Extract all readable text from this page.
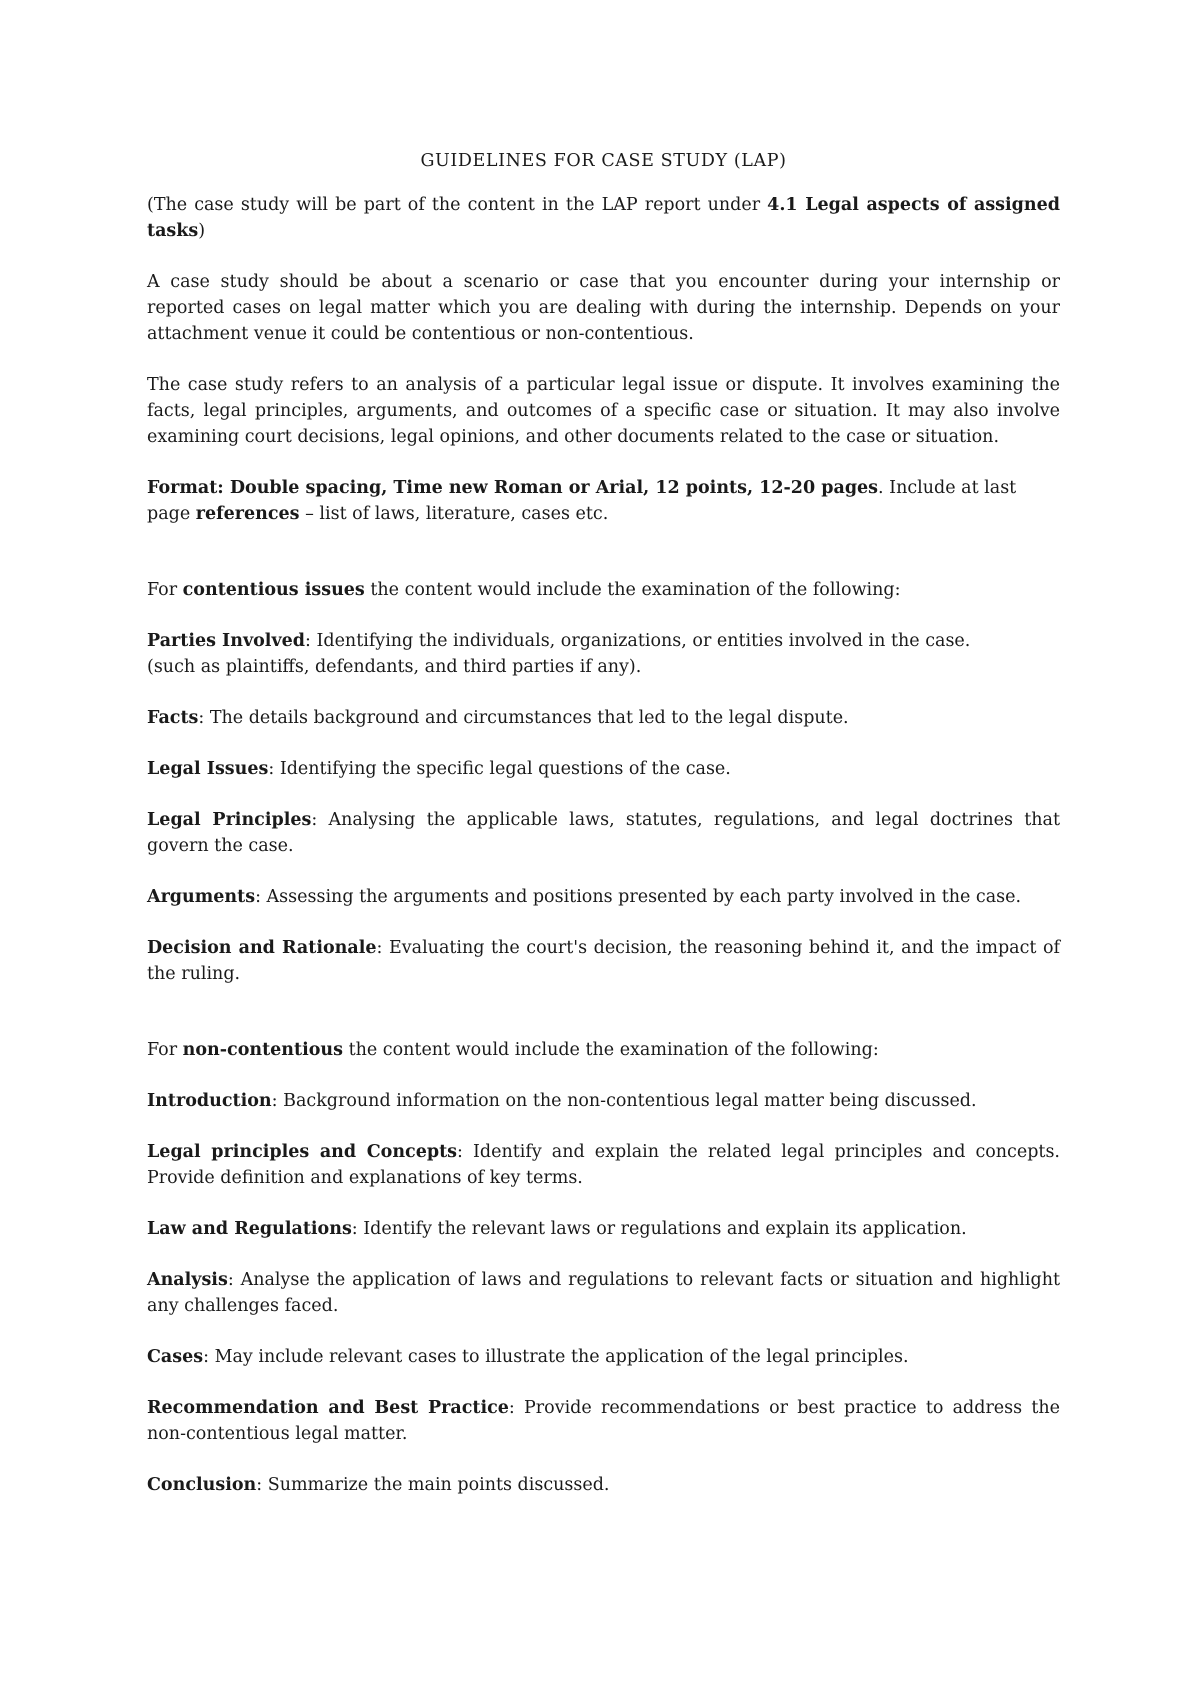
GUIDELINES FOR CASE STUDY (LAP)

(The case study will be part of the content in the LAP report under 4.1 Legal aspects of assigned tasks)

A case study should be about a scenario or case that you encounter during your internship or reported cases on legal matter which you are dealing with during the internship. Depends on your attachment venue it could be contentious or non-contentious.

The case study refers to an analysis of a particular legal issue or dispute. It involves examining the facts, legal principles, arguments, and outcomes of a specific case or situation. It may also involve examining court decisions, legal opinions, and other documents related to the case or situation.

Format: Double spacing, Time new Roman or Arial, 12 points, 12-20 pages. Include at last page references – list of laws, literature, cases etc.

For contentious issues the content would include the examination of the following:

Parties Involved: Identifying the individuals, organizations, or entities involved in the case.
(such as plaintiffs, defendants, and third parties if any).

Facts: The details background and circumstances that led to the legal dispute.

Legal Issues: Identifying the specific legal questions of the case.

Legal Principles: Analysing the applicable laws, statutes, regulations, and legal doctrines that govern the case.

Arguments: Assessing the arguments and positions presented by each party involved in the case.

Decision and Rationale: Evaluating the court's decision, the reasoning behind it, and the impact of the ruling.

For non-contentious the content would include the examination of the following:

Introduction: Background information on the non-contentious legal matter being discussed.

Legal principles and Concepts: Identify and explain the related legal principles and concepts. Provide definition and explanations of key terms.

Law and Regulations: Identify the relevant laws or regulations and explain its application.

Analysis: Analyse the application of laws and regulations to relevant facts or situation and highlight any challenges faced.

Cases: May include relevant cases to illustrate the application of the legal principles.

Recommendation and Best Practice: Provide recommendations or best practice to address the non-contentious legal matter.

Conclusion: Summarize the main points discussed.
